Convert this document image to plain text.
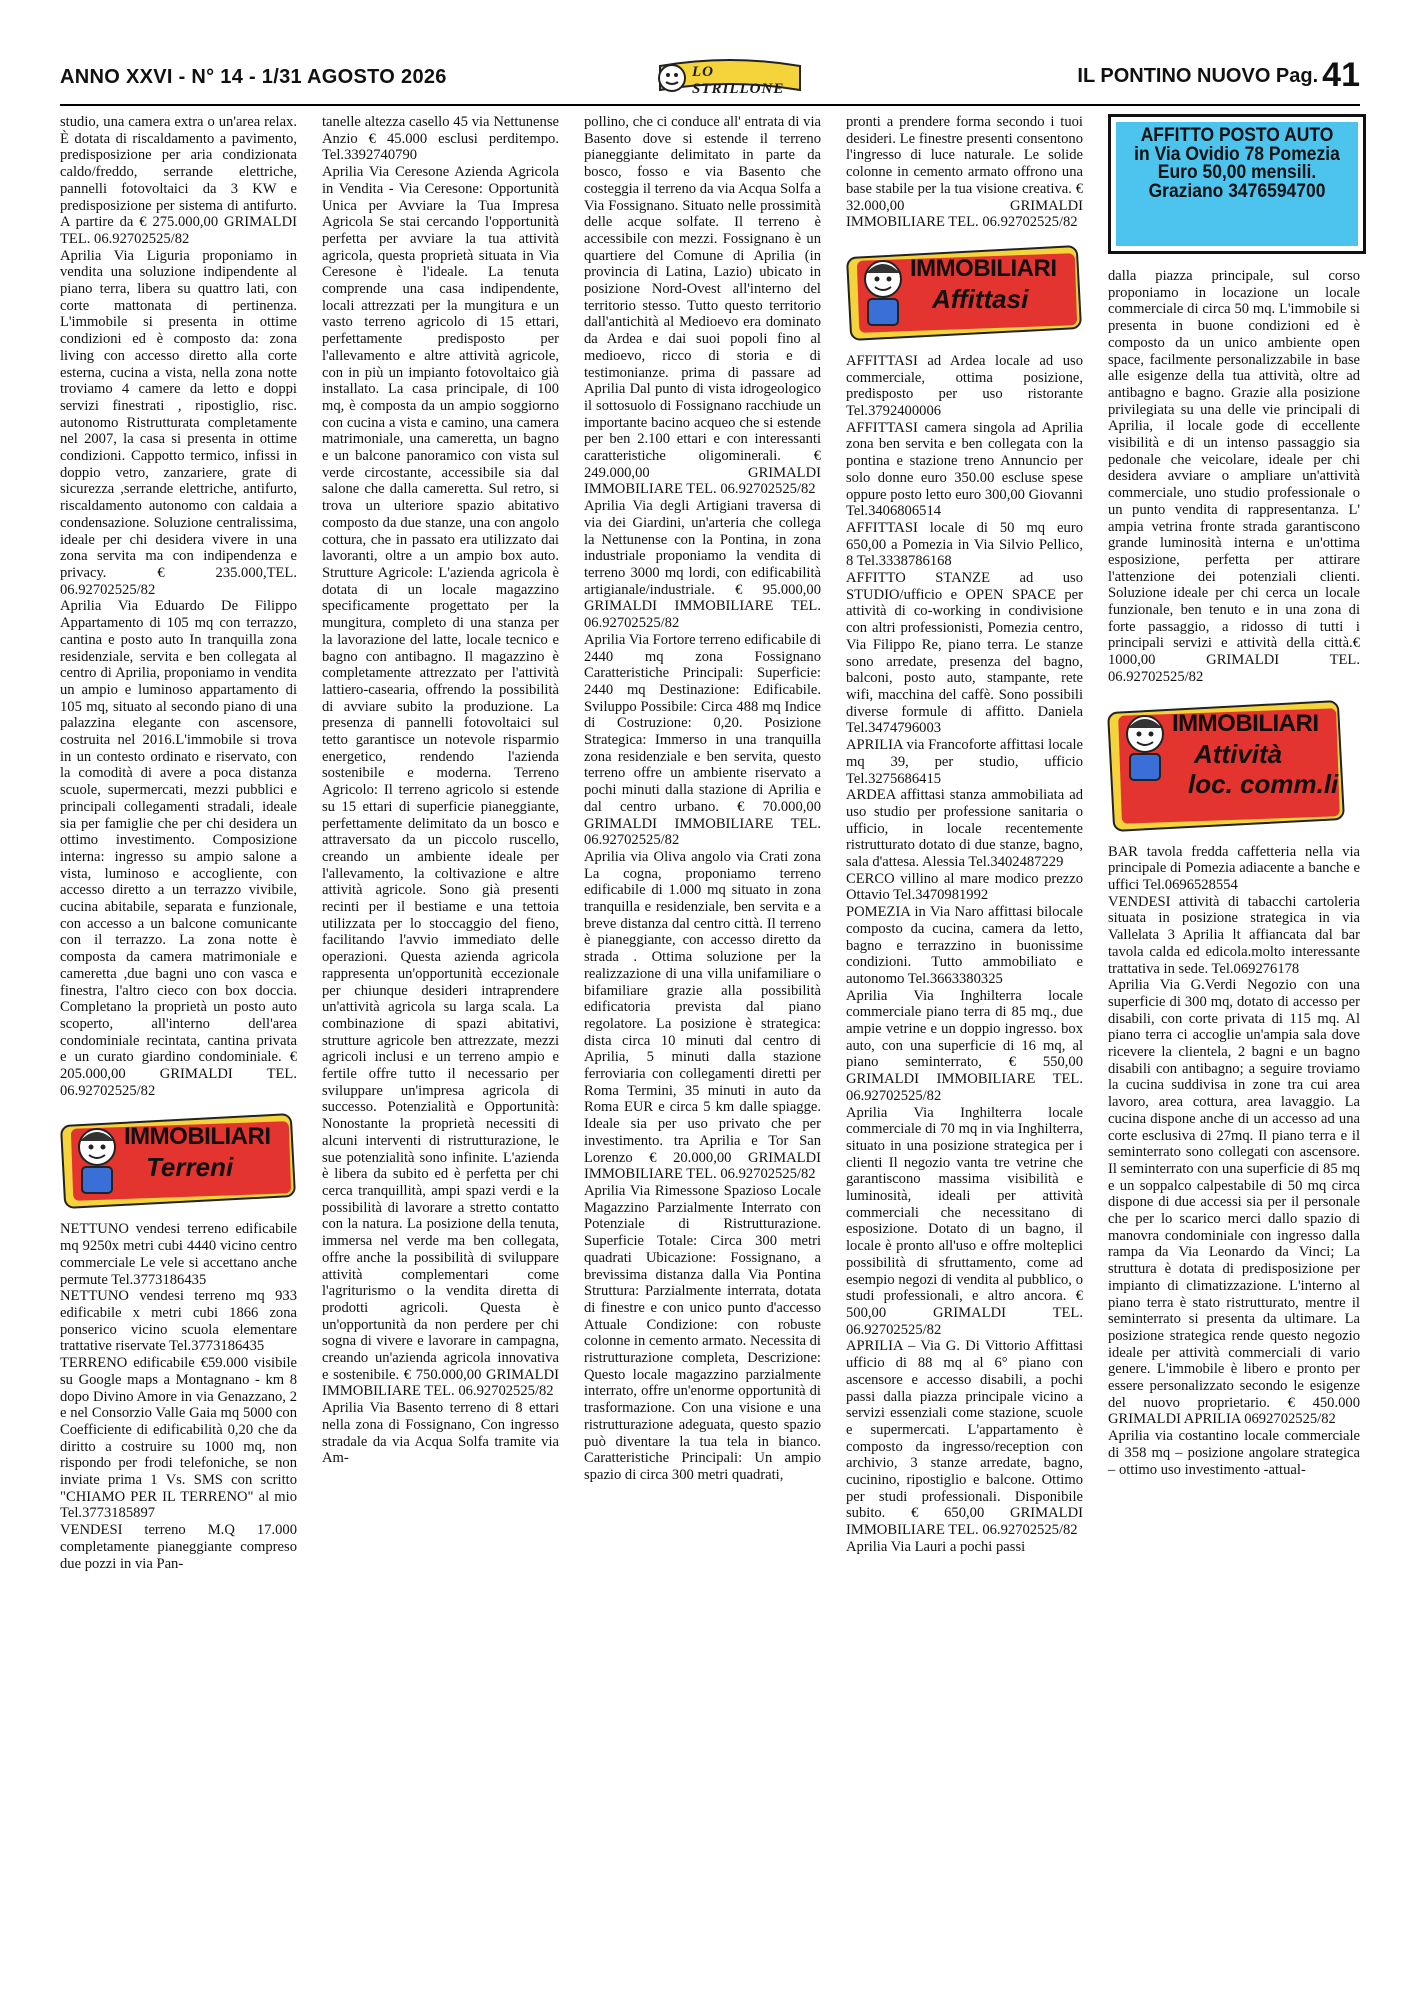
ANNO XXVI - N° 14 - 1/31 AGOSTO 2026	LO STRILLONE
IL PONTINO NUOVO Pag. 41

studio, una camera extra o un'area relax. È dotata di riscaldamento a pavimento, predisposizione per aria condizionata caldo/freddo, serrande elettriche, pannelli fotovoltaici da 3 KW e predisposizione per sistema di antifurto. A partire da € 275.000,00 GRIMALDI TEL. 06.92702525/82

Aprilia Via Liguria proponiamo in vendita una soluzione indipendente al piano terra, libera su quattro lati, con corte mattonata di pertinenza. L'immobile si presenta in ottime condizioni ed è composto da: zona living con accesso diretto alla corte esterna, cucina a vista, nella zona notte troviamo 4 camere da letto e doppi servizi finestrati , ripostiglio, risc. autonomo Ristrutturata completamente nel 2007, la casa si presenta in ottime condizioni. Cappotto termico, infissi in doppio vetro, zanzariere, grate di sicurezza ,serrande elettriche, antifurto, riscaldamento autonomo con caldaia a condensazione. Soluzione centralissima, ideale per chi desidera vivere in una zona servita ma con indipendenza e privacy. € 235.000,TEL. 06.92702525/82

Aprilia Via Eduardo De Filippo Appartamento di 105 mq con terrazzo, cantina e posto auto In tranquilla zona residenziale, servita e ben collegata al centro di Aprilia, proponiamo in vendita un ampio e luminoso appartamento di 105 mq, situato al secondo piano di una palazzina elegante con ascensore, costruita nel 2016.L'immobile si trova in un contesto ordinato e riservato, con la comodità di avere a poca distanza scuole, supermercati, mezzi pubblici e principali collegamenti stradali, ideale sia per famiglie che per chi desidera un ottimo investimento. Composizione interna: ingresso su ampio salone a vista, luminoso e accogliente, con accesso diretto a un terrazzo vivibile, cucina abitabile, separata e funzionale, con accesso a un balcone comunicante con il terrazzo. La zona notte è composta da camera matrimoniale e cameretta ,due bagni uno con vasca e finestra, l'altro cieco con box doccia. Completano la proprietà un posto auto scoperto, all'interno dell'area condominiale recintata, cantina privata e un curato giardino condominiale. € 205.000,00 GRIMALDI TEL. 06.92702525/82

IMMOBILIARI
Terreni

NETTUNO vendesi terreno edificabile mq 9250x metri cubi 4440 vicino centro commerciale Le vele si accettano anche permute Tel.3773186435

NETTUNO vendesi terreno mq 933 edificabile x metri cubi 1866 zona ponserico vicino scuola elementare trattative riservate Tel.3773186435

TERRENO edificabile €59.000 visibile su Google maps a Montagnano - km 8 dopo Divino Amore in via Genazzano, 2 e nel Consorzio Valle Gaia mq 5000 con Coefficiente di edificabilità 0,20 che da diritto a costruire su 1000 mq, non rispondo per frodi telefoniche, se non inviate prima 1 Vs. SMS con scritto "CHIAMO PER IL TERRENO" al mio Tel.3773185897

VENDESI terreno M.Q 17.000 completamente pianeggiante compreso due pozzi in via Pan-

tanelle altezza casello 45 via Nettunense Anzio € 45.000 esclusi perditempo. Tel.3392740790

Aprilia Via Ceresone Azienda Agricola in Vendita - Via Ceresone: Opportunità Unica per Avviare la Tua Impresa Agricola Se stai cercando l'opportunità perfetta per avviare la tua attività agricola, questa proprietà situata in Via Ceresone è l'ideale. La tenuta comprende una casa indipendente, locali attrezzati per la mungitura e un vasto terreno agricolo di 15 ettari, perfettamente predisposto per l'allevamento e altre attività agricole, con in più un impianto fotovoltaico già installato. La casa principale, di 100 mq, è composta da un ampio soggiorno con cucina a vista e camino, una camera matrimoniale, una cameretta, un bagno e un balcone panoramico con vista sul verde circostante, accessibile sia dal salone che dalla cameretta. Sul retro, si trova un ulteriore spazio abitativo composto da due stanze, una con angolo cottura, che in passato era utilizzato dai lavoranti, oltre a un ampio box auto. Strutture Agricole: L'azienda agricola è dotata di un locale magazzino specificamente progettato per la mungitura, completo di una stanza per la lavorazione del latte, locale tecnico e bagno con antibagno. Il magazzino è completamente attrezzato per l'attività lattiero-casearia, offrendo la possibilità di avviare subito la produzione. La presenza di pannelli fotovoltaici sul tetto garantisce un notevole risparmio energetico, rendendo l'azienda sostenibile e moderna. Terreno Agricolo: Il terreno agricolo si estende su 15 ettari di superficie pianeggiante, perfettamente delimitato da un bosco e attraversato da un piccolo ruscello, creando un ambiente ideale per l'allevamento, la coltivazione e altre attività agricole. Sono già presenti recinti per il bestiame e una tettoia utilizzata per lo stoccaggio del fieno, facilitando l'avvio immediato delle operazioni. Questa azienda agricola rappresenta un'opportunità eccezionale per chiunque desideri intraprendere un'attività agricola su larga scala. La combinazione di spazi abitativi, strutture agricole ben attrezzate, mezzi agricoli inclusi e un terreno ampio e fertile offre tutto il necessario per sviluppare un'impresa agricola di successo. Potenzialità e Opportunità: Nonostante la proprietà necessiti di alcuni interventi di ristrutturazione, le sue potenzialità sono infinite. L'azienda è libera da subito ed è perfetta per chi cerca tranquillità, ampi spazi verdi e la possibilità di lavorare a stretto contatto con la natura. La posizione della tenuta, immersa nel verde ma ben collegata, offre anche la possibilità di sviluppare attività complementari come l'agriturismo o la vendita diretta di prodotti agricoli. Questa è un'opportunità da non perdere per chi sogna di vivere e lavorare in campagna, creando un'azienda agricola innovativa e sostenibile. € 750.000,00 GRIMALDI IMMOBILIARE TEL. 06.92702525/82

Aprilia Via Basento terreno di 8 ettari nella zona di Fossignano, Con ingresso stradale da via Acqua Solfa tramite via Am-

pollino, che ci conduce all' entrata di via Basento dove si estende il terreno pianeggiante delimitato in parte da bosco, fosso e via Basento che costeggia il terreno da via Acqua Solfa a Via Fossignano. Situato nelle prossimità delle acque solfate. Il terreno è accessibile con mezzi. Fossignano è un quartiere del Comune di Aprilia (in provincia di Latina, Lazio) ubicato in posizione Nord-Ovest all'interno del territorio stesso. Tutto questo territorio dall'antichità al Medioevo era dominato da Ardea e dai suoi popoli fino al medioevo, ricco di storia e di testimonianze. prima di passare ad Aprilia Dal punto di vista idrogeologico il sottosuolo di Fossignano racchiude un importante bacino acqueo che si estende per ben 2.100 ettari e con interessanti caratteristiche oligominerali. € 249.000,00 GRIMALDI IMMOBILIARE TEL. 06.92702525/82

Aprilia Via degli Artigiani traversa di via dei Giardini, un'arteria che collega la Nettunense con la Pontina, in zona industriale proponiamo la vendita di terreno 3000 mq lordi, con edificabilità artigianale/industriale. € 95.000,00 GRIMALDI IMMOBILIARE TEL. 06.92702525/82

Aprilia Via Fortore terreno edificabile di 2440 mq zona Fossignano Caratteristiche Principali: Superficie: 2440 mq Destinazione: Edificabile. Sviluppo Possibile: Circa 488 mq Indice di Costruzione: 0,20. Posizione Strategica: Immerso in una tranquilla zona residenziale e ben servita, questo terreno offre un ambiente riservato a pochi minuti dalla stazione di Aprilia e dal centro urbano. € 70.000,00 GRIMALDI IMMOBILIARE TEL. 06.92702525/82

Aprilia via Oliva angolo via Crati zona La cogna, proponiamo terreno edificabile di 1.000 mq situato in zona tranquilla e residenziale, ben servita e a breve distanza dal centro città. Il terreno è pianeggiante, con accesso diretto da strada . Ottima soluzione per la realizzazione di una villa unifamiliare o bifamiliare grazie alla possibilità edificatoria prevista dal piano regolatore. La posizione è strategica: dista circa 10 minuti dal centro di Aprilia, 5 minuti dalla stazione ferroviaria con collegamenti diretti per Roma Termini, 35 minuti in auto da Roma EUR e circa 5 km dalle spiagge. Ideale sia per uso privato che per investimento. tra Aprilia e Tor San Lorenzo € 20.000,00 GRIMALDI IMMOBILIARE TEL. 06.92702525/82

Aprilia Via Rimessone Spazioso Locale Magazzino Parzialmente Interrato con Potenziale di Ristrutturazione. Superficie Totale: Circa 300 metri quadrati Ubicazione: Fossignano, a brevissima distanza dalla Via Pontina Struttura: Parzialmente interrata, dotata di finestre e con unico punto d'accesso Attuale Condizione: con robuste colonne in cemento armato. Necessita di ristrutturazione completa, Descrizione: Questo locale magazzino parzialmente interrato, offre un'enorme opportunità di trasformazione. Con una visione e una ristrutturazione adeguata, questo spazio può diventare la tua tela in bianco. Caratteristiche Principali: Un ampio spazio di circa 300 metri quadrati,

pronti a prendere forma secondo i tuoi desideri. Le finestre presenti consentono l'ingresso di luce naturale. Le solide colonne in cemento armato offrono una base stabile per la tua visione creativa. € 32.000,00 GRIMALDI IMMOBILIARE TEL. 06.92702525/82

IMMOBILIARI
Affittasi

AFFITTASI ad Ardea locale ad uso commerciale, ottima posizione, predisposto per uso ristorante Tel.3792400006

AFFITTASI camera singola ad Aprilia zona ben servita e ben collegata con la pontina e stazione treno Annuncio per solo donne euro 350.00 escluse spese oppure posto letto euro 300,00 Giovanni Tel.3406806514

AFFITTASI locale di 50 mq euro 650,00 a Pomezia in Via Silvio Pellico, 8 Tel.3338786168

AFFITTO STANZE ad uso STUDIO/ufficio e OPEN SPACE per attività di co-working in condivisione con altri professionisti, Pomezia centro, Via Filippo Re, piano terra. Le stanze sono arredate, presenza del bagno, balconi, posto auto, stampante, rete wifi, macchina del caffè. Sono possibili diverse formule di affitto. Daniela Tel.3474796003

APRILIA via Francoforte affittasi locale mq 39, per studio, ufficio Tel.3275686415

ARDEA affittasi stanza ammobiliata ad uso studio per professione sanitaria o ufficio, in locale recentemente ristrutturato dotato di due stanze, bagno, sala d'attesa. Alessia Tel.3402487229

CERCO villino al mare modico prezzo Ottavio Tel.3470981992

POMEZIA in Via Naro affittasi bilocale composto da cucina, camera da letto, bagno e terrazzino in buonissime condizioni. Tutto ammobiliato e autonomo Tel.3663380325

Aprilia Via Inghilterra locale commerciale piano terra di 85 mq., due ampie vetrine e un doppio ingresso. box auto, con una superficie di 16 mq, al piano seminterrato, € 550,00 GRIMALDI IMMOBILIARE TEL. 06.92702525/82

Aprilia Via Inghilterra locale commerciale di 70 mq in via Inghilterra, situato in una posizione strategica per i clienti Il negozio vanta tre vetrine che garantiscono massima visibilità e luminosità, ideali per attività commerciali che necessitano di esposizione. Dotato di un bagno, il locale è pronto all'uso e offre molteplici possibilità di sfruttamento, come ad esempio negozi di vendita al pubblico, o studi professionali, e altro ancora. € 500,00 GRIMALDI TEL. 06.92702525/82

APRILIA – Via G. Di Vittorio Affittasi ufficio di 88 mq al 6° piano con ascensore e accesso disabili, a pochi passi dalla piazza principale vicino a servizi essenziali come stazione, scuole e supermercati. L'appartamento è composto da ingresso/reception con archivio, 3 stanze arredate, bagno, cucinino, ripostiglio e balcone. Ottimo per studi professionali. Disponibile subito. € 650,00 GRIMALDI IMMOBILIARE TEL. 06.92702525/82

Aprilia Via Lauri a pochi passi

AFFITTO POSTO AUTO
in Via Ovidio 78 Pomezia
Euro 50,00 mensili.
Graziano 3476594700

dalla piazza principale, sul corso proponiamo in locazione un locale commerciale di circa 50 mq. L'immobile si presenta in buone condizioni ed è composto da un unico ambiente open space, facilmente personalizzabile in base alle esigenze della tua attività, oltre ad antibagno e bagno. Grazie alla posizione privilegiata su una delle vie principali di Aprilia, il locale gode di eccellente visibilità e di un intenso passaggio sia pedonale che veicolare, ideale per chi desidera avviare o ampliare un'attività commerciale, uno studio professionale o un punto vendita di rappresentanza. L' ampia vetrina fronte strada garantiscono grande luminosità interna e un'ottima esposizione, perfetta per attirare l'attenzione dei potenziali clienti. Soluzione ideale per chi cerca un locale funzionale, ben tenuto e in una zona di forte passaggio, a ridosso di tutti i principali servizi e attività della città.€ 1000,00 GRIMALDI TEL. 06.92702525/82

IMMOBILIARI
Attività
loc. comm.li

BAR tavola fredda caffetteria nella via principale di Pomezia adiacente a banche e uffici Tel.0696528554

VENDESI attività di tabacchi cartoleria situata in posizione strategica in via Vallelata 3 Aprilia lt affiancata dal bar tavola calda ed edicola.molto interessante trattativa in sede. Tel.069276178

Aprilia Via G.Verdi Negozio con una superficie di 300 mq, dotato di accesso per disabili, con corte privata di 115 mq. Al piano terra ci accoglie un'ampia sala dove ricevere la clientela, 2 bagni e un bagno disabili con antibagno; a seguire troviamo la cucina suddivisa in zone tra cui area lavoro, area cottura, area lavaggio. La cucina dispone anche di un accesso ad una corte esclusiva di 27mq. Il piano terra e il seminterrato sono collegati con ascensore. Il seminterrato con una superficie di 85 mq e un soppalco calpestabile di 50 mq circa dispone di due accessi sia per il personale che per lo scarico merci dallo spazio di manovra condominiale con ingresso dalla rampa da Via Leonardo da Vinci; La struttura è dotata di predisposizione per impianto di climatizzazione. L'interno al piano terra è stato ristrutturato, mentre il seminterrato si presenta da ultimare. La posizione strategica rende questo negozio ideale per attività commerciali di vario genere. L'immobile è libero e pronto per essere personalizzato secondo le esigenze del nuovo proprietario. € 450.000 GRIMALDI APRILIA 0692702525/82

Aprilia via costantino locale commerciale di 358 mq – posizione angolare strategica – ottimo uso investimento -attual-
